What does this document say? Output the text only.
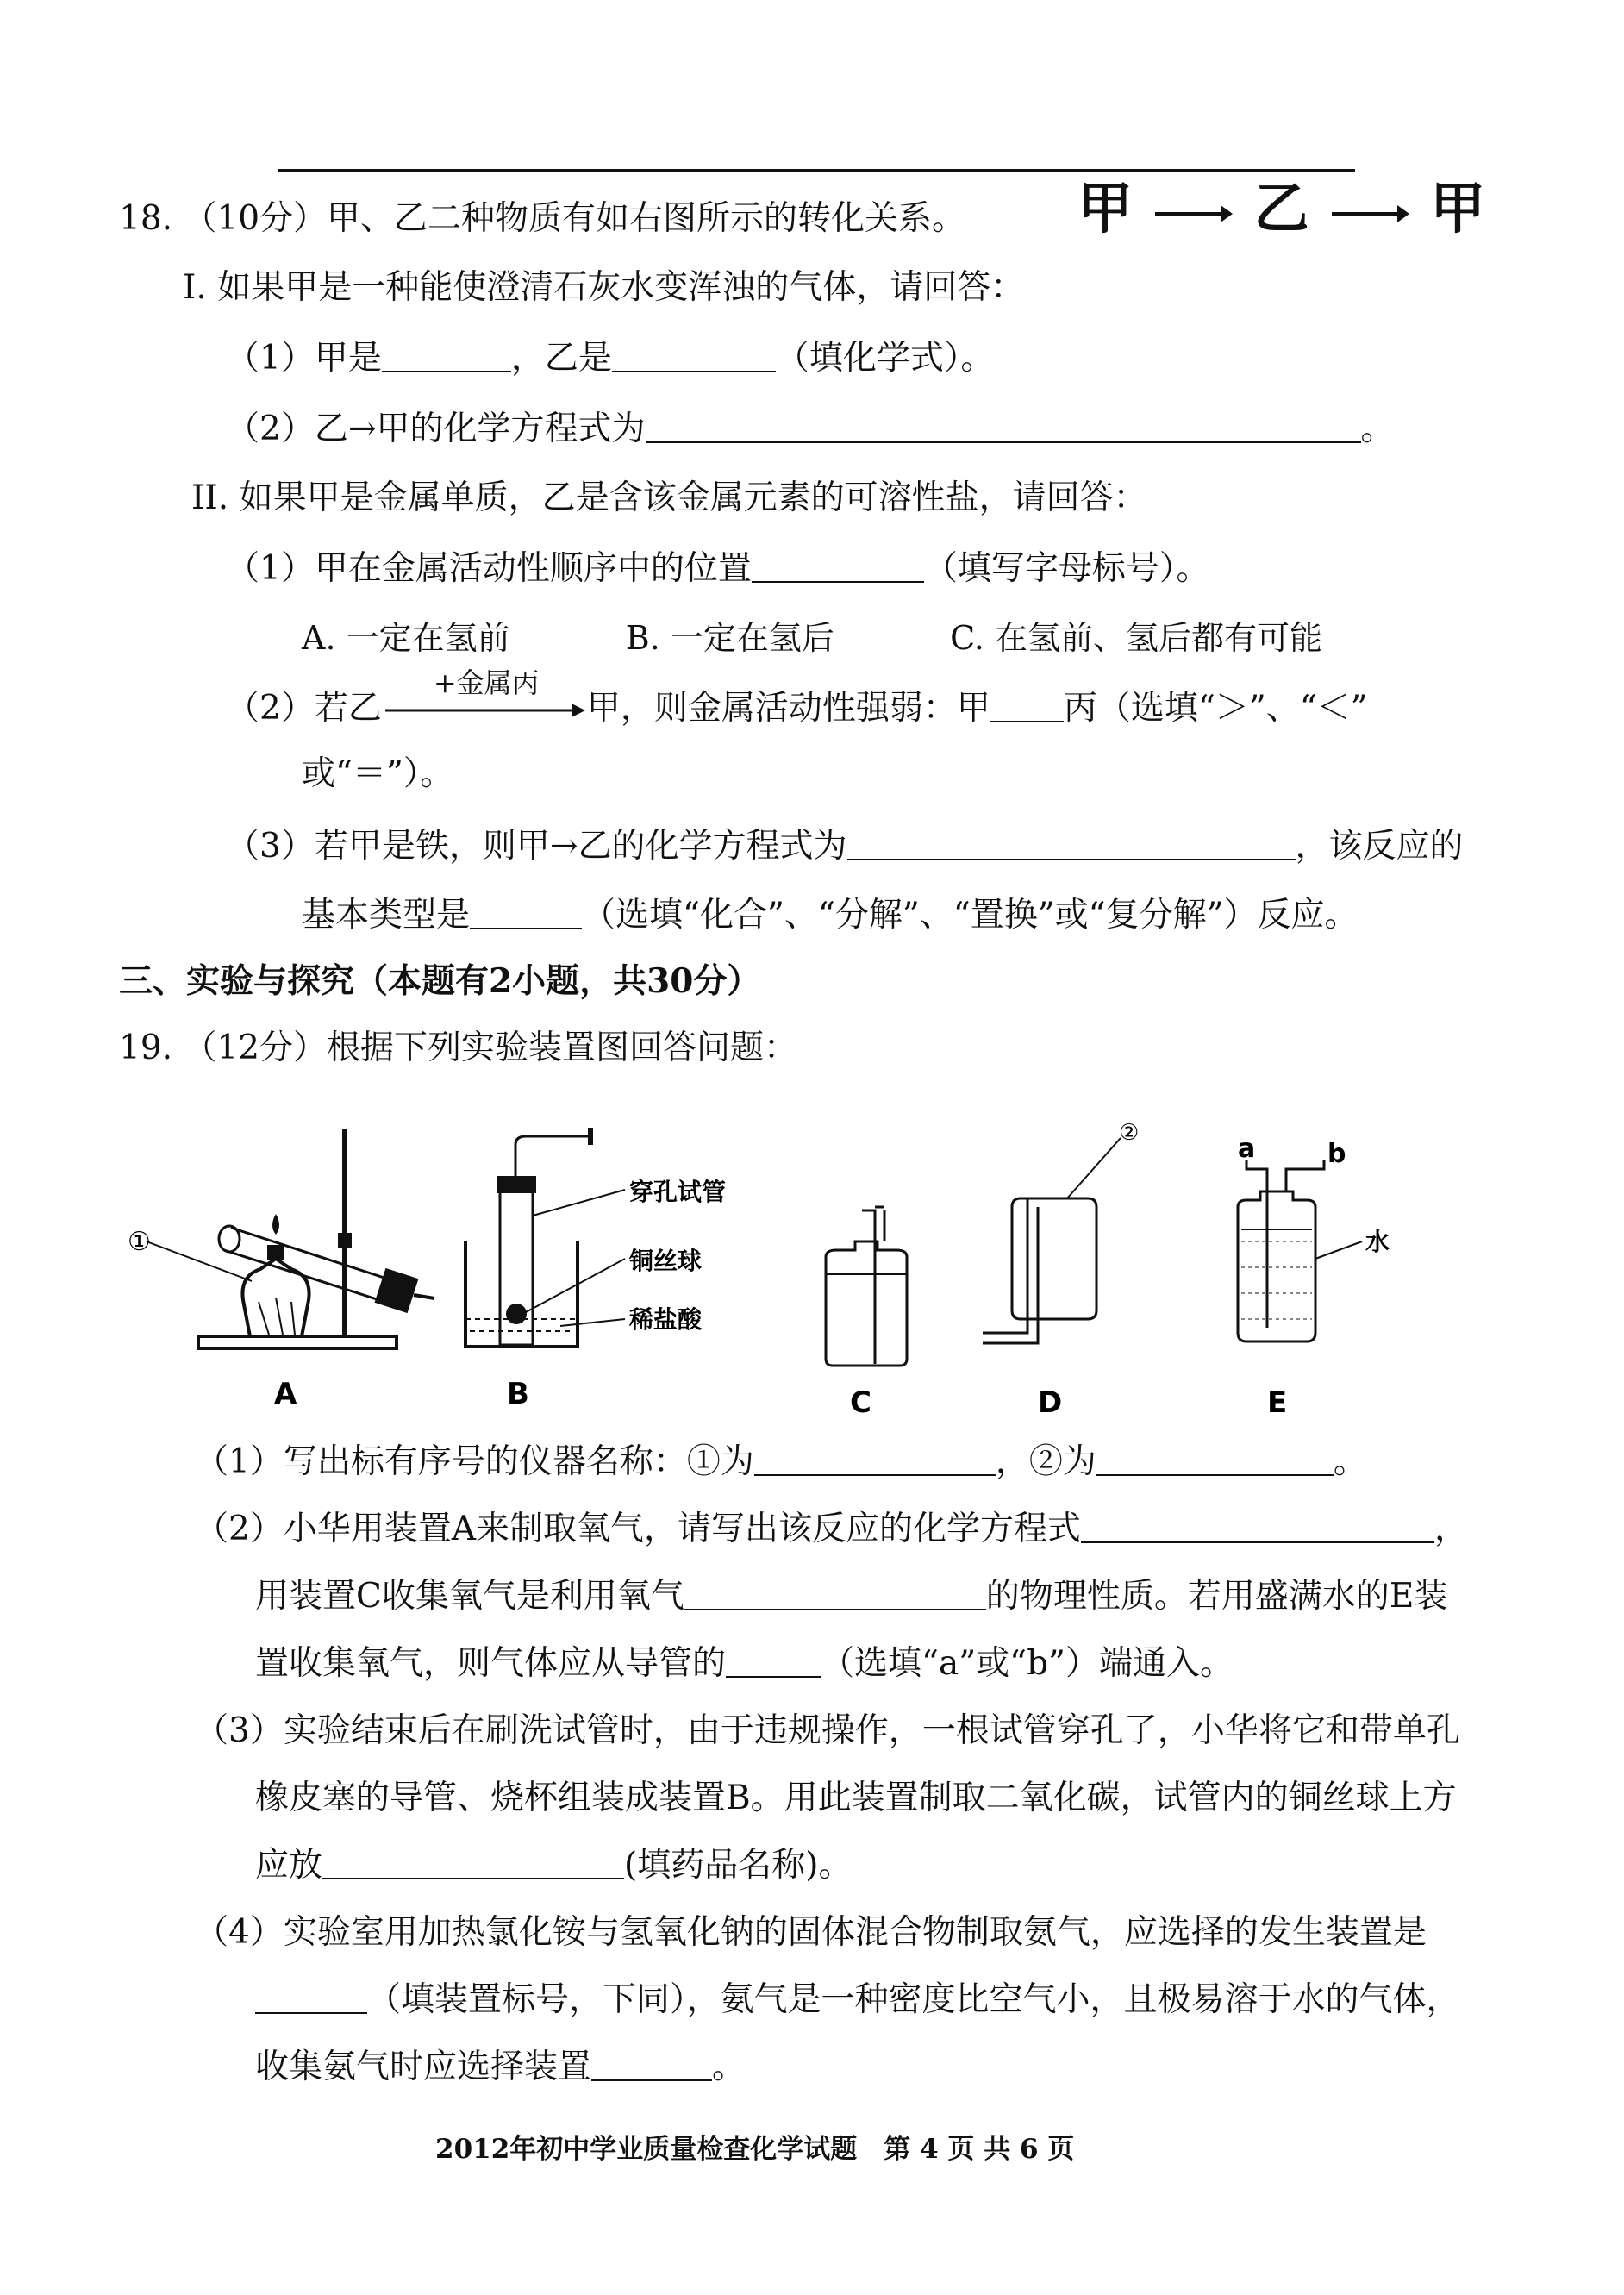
18. （10分）甲、乙二种物质有如右图所示的转化关系。 甲 乙 甲
I. 如果甲是一种能使澄清石灰水变浑浊的气体，请回答：
（1）甲是	，乙是	（填化学式）。
（2）乙→甲的化学方程式为	。
II. 如果甲是金属单质，乙是含该金属元素的可溶性盐，请回答：
（1）甲在金属活动性顺序中的位置	（填写字母标号）。
A. 一定在氢前	B. 一定在氢后	C. 在氢前、氢后都有可能
（2）若乙
+金属丙
甲，则金属活动性强弱：甲 丙（选填“＞”、“＜”
或“＝”）。
（3）若甲是铁，则甲→乙的化学方程式为	，该反应的
基本类型是	（选填“化合”、“分解”、“置换”或“复分解”）反应。
三、实验与探究（本题有2小题，共30分）
19. （12分）根据下列实验装置图回答问题：
①
A
穿孔试管
铜丝球
稀盐酸
B	C
②
D
a	b
水
E
（1）写出标有序号的仪器名称：①为	，②为	。
（2）小华用装置A来制取氧气，请写出该反应的化学方程式	，
用装置C收集氧气是利用氧气	的物理性质。若用盛满水的E装
置收集氧气，则气体应从导管的	（选填“a”或“b”）端通入。
（3）实验结束后在刷洗试管时，由于违规操作，一根试管穿孔了，小华将它和带单孔
橡皮塞的导管、烧杯组装成装置B。用此装置制取二氧化碳，试管内的铜丝球上方
应放	(填药品名称)。
（4）实验室用加热氯化铵与氢氧化钠的固体混合物制取氨气，应选择的发生装置是
（填装置标号，下同），氨气是一种密度比空气小，且极易溶于水的气体，
收集氨气时应选择装置	。
2012年初中学业质量检查化学试题　第 4 页 共 6 页
